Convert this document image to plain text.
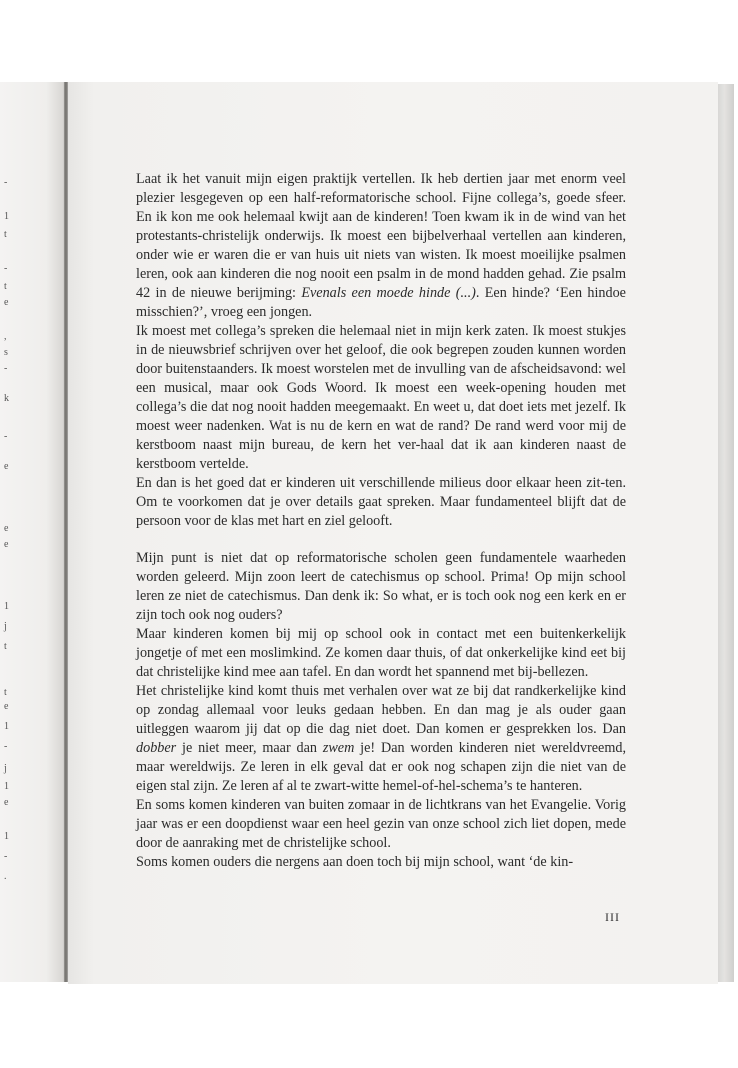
-
1
t
-
t
e
,
s
-
k
-
e
e
e
1
j
t
t
e
1
-
j
1
e
1
-
.

Laat ik het vanuit mijn eigen praktijk vertellen. Ik heb dertien jaar met enorm veel plezier lesgegeven op een half-reformatorische school. Fijne collega’s, goede sfeer. En ik kon me ook helemaal kwijt aan de kinderen! Toen kwam ik in de wind van het protestants-christelijk onderwijs. Ik moest een bijbelverhaal vertellen aan kinderen, onder wie er waren die er van huis uit niets van wisten. Ik moest moeilijke psalmen leren, ook aan kinderen die nog nooit een psalm in de mond hadden gehad. Zie psalm 42 in de nieuwe berijming: Evenals een moede hinde (...). Een hinde? ‘Een hindoe misschien?’, vroeg een jongen.

Ik moest met collega’s spreken die helemaal niet in mijn kerk zaten. Ik moest stukjes in de nieuwsbrief schrijven over het geloof, die ook begrepen zouden kunnen worden door buitenstaanders. Ik moest worstelen met de invulling van de afscheidsavond: wel een musical, maar ook Gods Woord. Ik moest een week-opening houden met collega’s die dat nog nooit hadden meegemaakt. En weet u, dat doet iets met jezelf. Ik moest weer nadenken. Wat is nu de kern en wat de rand? De rand werd voor mij de kerstboom naast mijn bureau, de kern het ver-haal dat ik aan kinderen naast de kerstboom vertelde.

En dan is het goed dat er kinderen uit verschillende milieus door elkaar heen zit-ten. Om te voorkomen dat je over details gaat spreken. Maar fundamenteel blijft dat de persoon voor de klas met hart en ziel gelooft.

Mijn punt is niet dat op reformatorische scholen geen fundamentele waarheden worden geleerd. Mijn zoon leert de catechismus op school. Prima! Op mijn school leren ze niet de catechismus. Dan denk ik: So what, er is toch ook nog een kerk en er zijn toch ook nog ouders?

Maar kinderen komen bij mij op school ook in contact met een buitenkerkelijk jongetje of met een moslimkind. Ze komen daar thuis, of dat onkerkelijke kind eet bij dat christelijke kind mee aan tafel. En dan wordt het spannend met bij-bellezen.

Het christelijke kind komt thuis met verhalen over wat ze bij dat randkerkelijke kind op zondag allemaal voor leuks gedaan hebben. En dan mag je als ouder gaan uitleggen waarom jij dat op die dag niet doet. Dan komen er gesprekken los. Dan dobber je niet meer, maar dan zwem je! Dan worden kinderen niet wereldvreemd, maar wereldwijs. Ze leren in elk geval dat er ook nog schapen zijn die niet van de eigen stal zijn. Ze leren af al te zwart-witte hemel-of-hel-schema’s te hanteren.

En soms komen kinderen van buiten zomaar in de lichtkrans van het Evangelie. Vorig jaar was er een doopdienst waar een heel gezin van onze school zich liet dopen, mede door de aanraking met de christelijke school.

Soms komen ouders die nergens aan doen toch bij mijn school, want ‘de kin-

III
